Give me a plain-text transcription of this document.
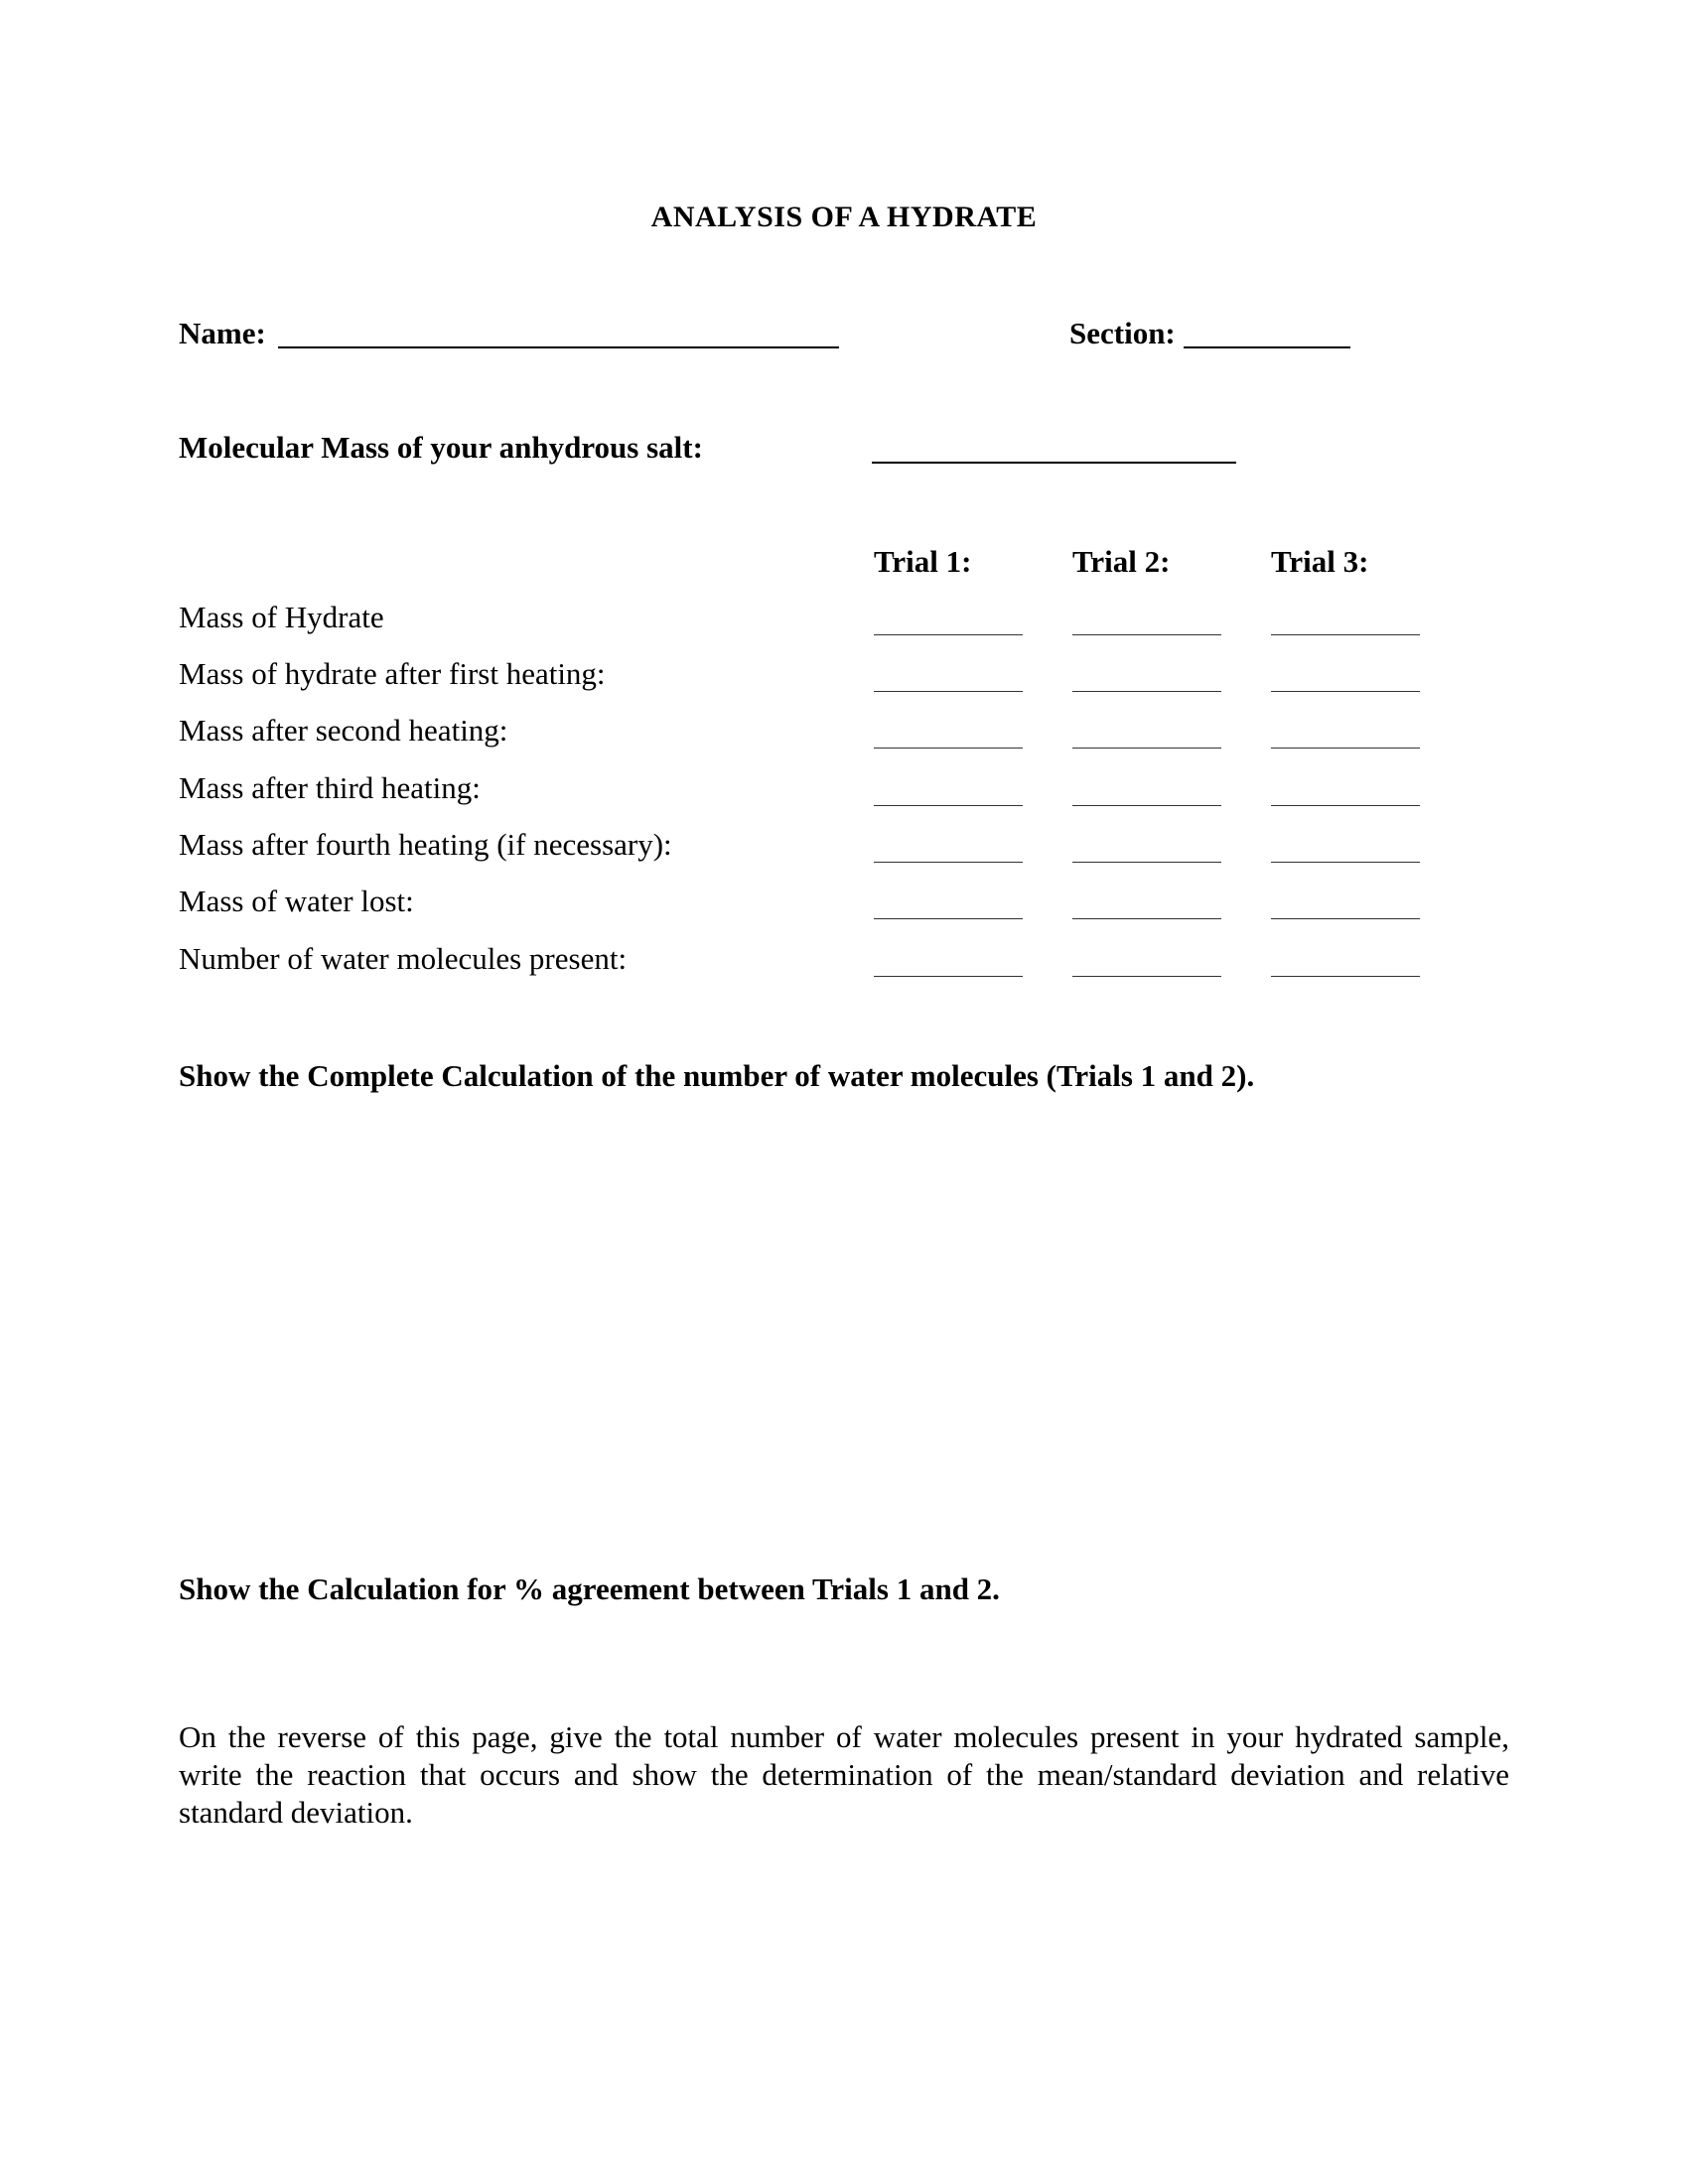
ANALYSIS OF A HYDRATE
Name:	Section:
Molecular Mass of your anhydrous salt:
Trial 1:	Trial 2:	Trial 3:
Mass of Hydrate
Mass of hydrate after first heating:
Mass after second heating:
Mass after third heating:
Mass after fourth heating (if necessary):
Mass of water lost:
Number of water molecules present:
Show the Complete Calculation of the number of water molecules (Trials 1 and 2).
Show the Calculation for % agreement between Trials 1 and 2.
On the reverse of this page, give the total number of water molecules present in your hydrated sample, write the reaction that occurs and show the determination of the mean/standard deviation and relative standard deviation.
